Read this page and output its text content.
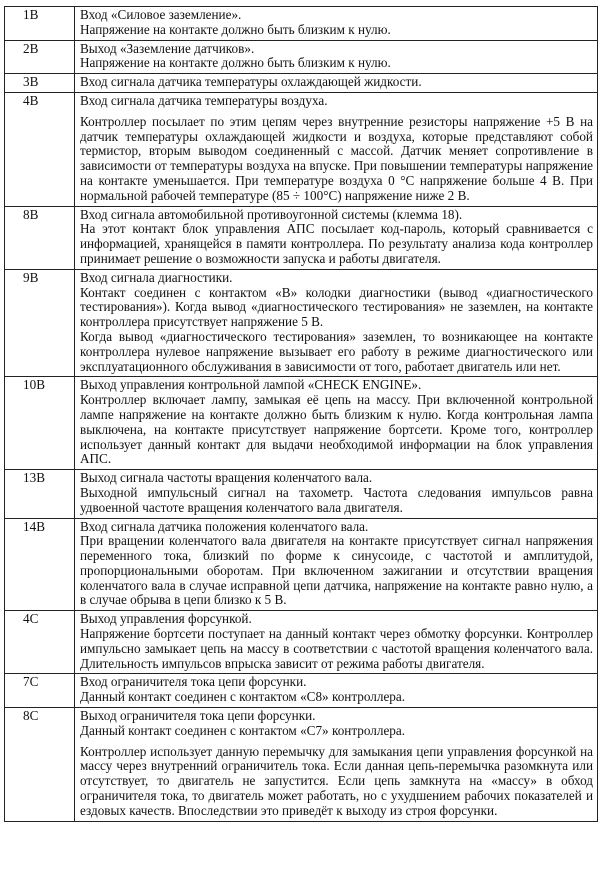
1B	Вход «Силовое заземление».
Напряжение на контакте должно быть близким к нулю.

2B	Выход «Заземление датчиков».
Напряжение на контакте должно быть близким к нулю.

3B	Вход сигнала датчика температуры охлаждающей жидкости.

4B	Вход сигнала датчика температуры воздуха.
Контроллер посылает по этим цепям через внутренние резисторы напряжение +5 В на датчик температуры охлаждающей жидкости и воздуха, которые представляют собой термистор, вторым выводом соединенный с массой. Датчик меняет сопротивление в зависимости от температуры воздуха на впуске. При повышении температуры напряжение на контакте уменьшается. При температуре воздуха 0 °С напряжение больше 4 В. При нормальной рабочей температуре (85 ÷ 100°С) напряжение ниже 2 В.

8B	Вход сигнала автомобильной противоугонной системы (клемма 18).
На этот контакт блок управления АПС посылает код-пароль, который сравнивается с информацией, хранящейся в памяти контроллера. По результату анализа кода контроллер принимает решение о возможности запуска и работы двигателя.

9B	Вход сигнала диагностики.
Контакт соединен с контактом «В» колодки диагностики (вывод «диагностического тестирования»). Когда вывод «диагностического тестирования» не заземлен, на контакте контроллера присутствует напряжение 5 В.
Когда вывод «диагностического тестирования» заземлен, то возникающее на контакте контроллера нулевое напряжение вызывает его работу в режиме диагностического или эксплуатационного обслуживания в зависимости от того, работает двигатель или нет.

10B	Выход управления контрольной лампой «CHECK ENGINE».
Контроллер включает лампу, замыкая её цепь на массу. При включенной контрольной лампе напряжение на контакте должно быть близким к нулю. Когда контрольная лампа выключена, на контакте присутствует напряжение бортсети. Кроме того, контроллер использует данный контакт для выдачи необходимой информации на блок управления АПС.

13B	Выход сигнала частоты вращения коленчатого вала.
Выходной импульсный сигнал на тахометр. Частота следования импульсов равна удвоенной частоте вращения коленчатого вала двигателя.

14B	Вход сигнала датчика положения коленчатого вала.
При вращении коленчатого вала двигателя на контакте присутствует сигнал напряжения переменного тока, близкий по форме к синусоиде, с частотой и амплитудой, пропорциональными оборотам. При включенном зажигании и отсутствии вращения коленчатого вала в случае исправной цепи датчика, напряжение на контакте равно нулю, а в случае обрыва в цепи близко к 5 В.

4C	Выход управления форсункой.
Напряжение бортсети поступает на данный контакт через обмотку форсунки. Контроллер импульсно замыкает цепь на массу в соответствии с частотой вращения коленчатого вала. Длительность импульсов впрыска зависит от режима работы двигателя.

7C	Вход ограничителя тока цепи форсунки.
Данный контакт соединен с контактом «С8» контроллера.

8C	Выход ограничителя тока цепи форсунки.
Данный контакт соединен с контактом «С7» контроллера.
Контроллер использует данную перемычку для замыкания цепи управления форсункой на массу через внутренний ограничитель тока. Если данная цепь-перемычка разомкнута или отсутствует, то двигатель не запустится. Если цепь замкнута на «массу» в обход ограничителя тока, то двигатель может работать, но с ухудшением рабочих показателей и ездовых качеств. Впоследствии это приведёт к выходу из строя форсунки.
